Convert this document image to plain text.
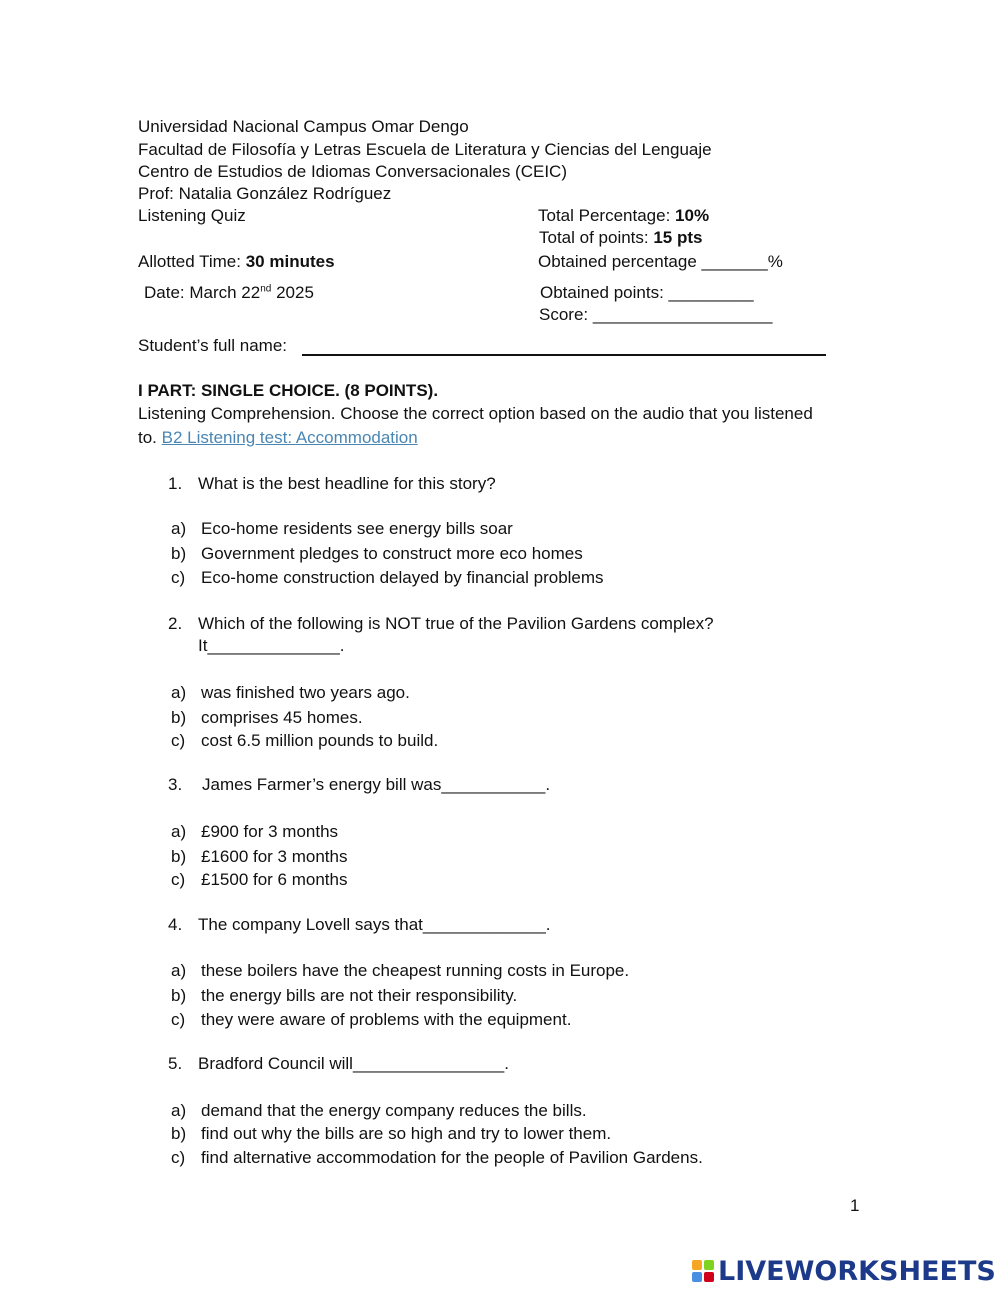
Universidad Nacional Campus Omar Dengo
Facultad de Filosofía y Letras Escuela de Literatura y Ciencias del Lenguaje
Centro de Estudios de Idiomas Conversacionales (CEIC)
Prof: Natalia González Rodríguez
Listening Quiz	Total Percentage: 10%
Total of points: 15 pts
Allotted Time: 30 minutes	Obtained percentage _______%
Date: March 22nd 2025	Obtained points: _________
Score: ___________________
Student’s full name:
I PART: SINGLE CHOICE. (8 POINTS).
Listening Comprehension. Choose the correct option based on the audio that you listened
to. B2 Listening test: Accommodation
1. What is the best headline for this story?
a) Eco-home residents see energy bills soar
b) Government pledges to construct more eco homes
c) Eco-home construction delayed by financial problems
2. Which of the following is NOT true of the Pavilion Gardens complex?
It______________.
a) was finished two years ago.
b) comprises 45 homes.
c) cost 6.5 million pounds to build.
3. James Farmer’s energy bill was___________.
a) £900 for 3 months
b) £1600 for 3 months
c) £1500 for 6 months
4. The company Lovell says that_____________.
a) these boilers have the cheapest running costs in Europe.
b) the energy bills are not their responsibility.
c) they were aware of problems with the equipment.
5. Bradford Council will________________.
a) demand that the energy company reduces the bills.
b) find out why the bills are so high and try to lower them.
c) find alternative accommodation for the people of Pavilion Gardens.
1
LIVEWORKSHEETS
